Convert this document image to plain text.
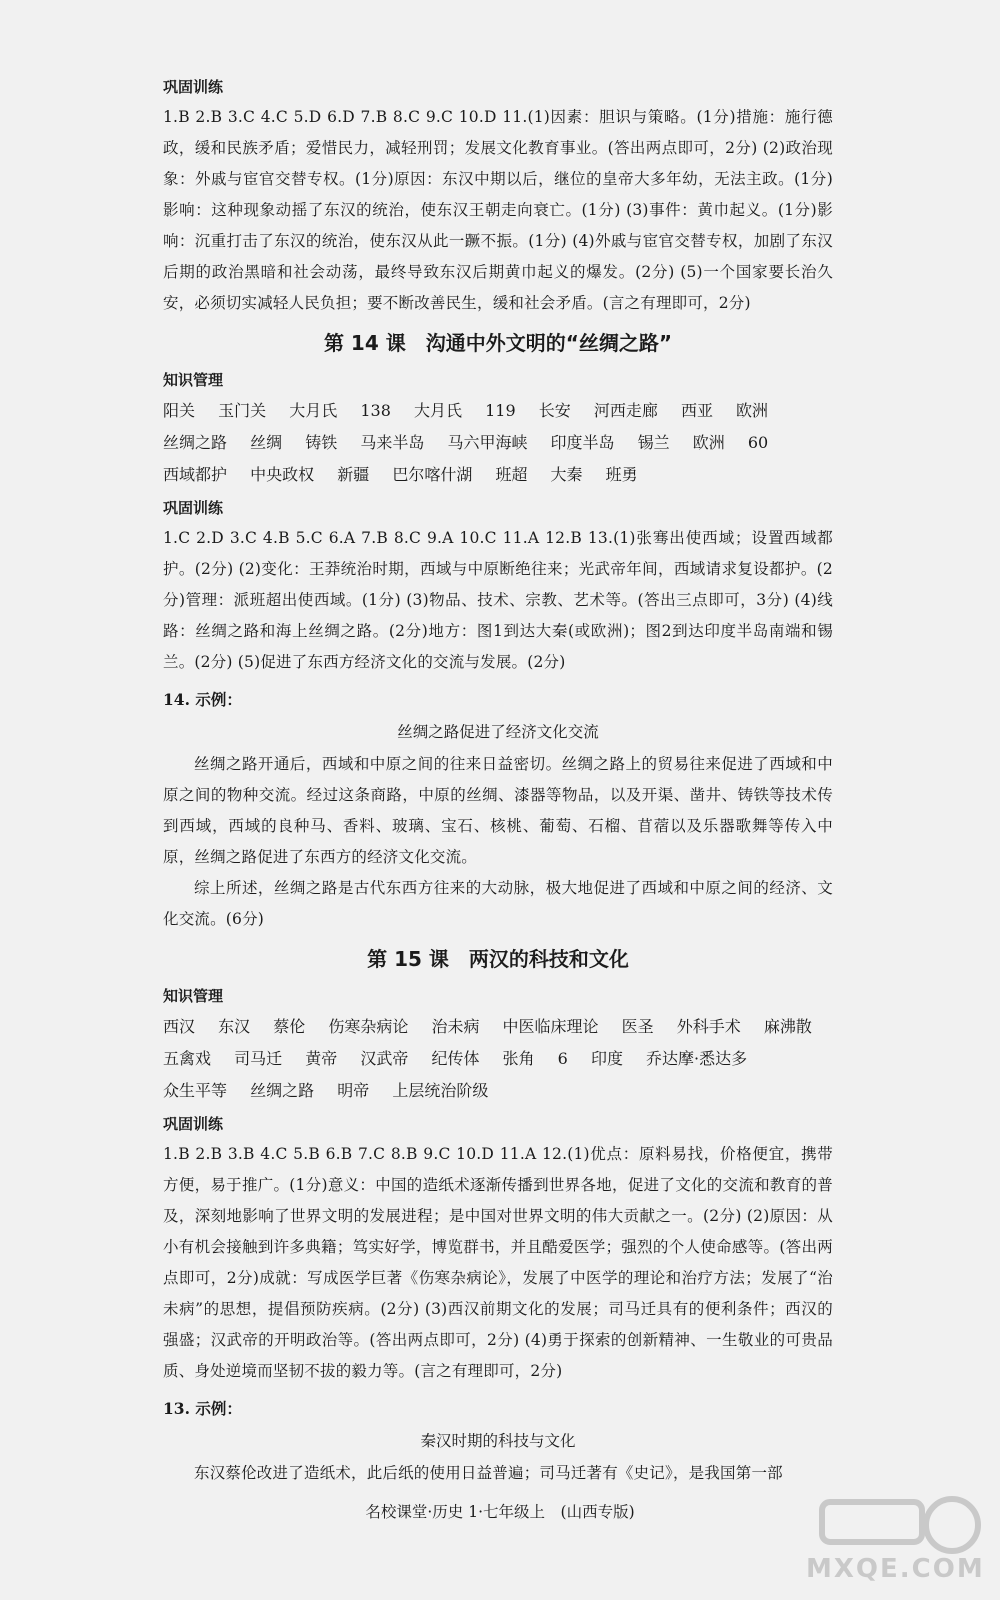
巩固训练

1.B 2.B 3.C 4.C 5.D 6.D 7.B 8.C 9.C 10.D 11.(1)因素：胆识与策略。(1分)措施：施行德政，缓和民族矛盾；爱惜民力，减轻刑罚；发展文化教育事业。(答出两点即可，2分) (2)政治现象：外戚与宦官交替专权。(1分)原因：东汉中期以后，继位的皇帝大多年幼，无法主政。(1分)影响：这种现象动摇了东汉的统治，使东汉王朝走向衰亡。(1分) (3)事件：黄巾起义。(1分)影响：沉重打击了东汉的统治，使东汉从此一蹶不振。(1分) (4)外戚与宦官交替专权，加剧了东汉后期的政治黑暗和社会动荡，最终导致东汉后期黄巾起义的爆发。(2分) (5)一个国家要长治久安，必须切实减轻人民负担；要不断改善民生，缓和社会矛盾。(言之有理即可，2分)

第 14 课　沟通中外文明的“丝绸之路”
知识管理

阳关 玉门关 大月氏 138 大月氏 119 长安 河西走廊 西亚 欧洲 丝绸之路 丝绸 铸铁 马来半岛 马六甲海峡 印度半岛 锡兰 欧洲 60 西域都护 中央政权 新疆 巴尔喀什湖 班超 大秦 班勇

巩固训练

1.C 2.D 3.C 4.B 5.C 6.A 7.B 8.C 9.A 10.C 11.A 12.B 13.(1)张骞出使西域；设置西域都护。(2分) (2)变化：王莽统治时期，西域与中原断绝往来；光武帝年间，西域请求复设都护。(2分)管理：派班超出使西域。(1分) (3)物品、技术、宗教、艺术等。(答出三点即可，3分) (4)线路：丝绸之路和海上丝绸之路。(2分)地方：图1到达大秦(或欧洲)；图2到达印度半岛南端和锡兰。(2分) (5)促进了东西方经济文化的交流与发展。(2分)

14. 示例：
丝绸之路促进了经济文化交流

丝绸之路开通后，西域和中原之间的往来日益密切。丝绸之路上的贸易往来促进了西域和中原之间的物种交流。经过这条商路，中原的丝绸、漆器等物品，以及开渠、凿井、铸铁等技术传到西域，西域的良种马、香料、玻璃、宝石、核桃、葡萄、石榴、苜蓿以及乐器歌舞等传入中原，丝绸之路促进了东西方的经济文化交流。

综上所述，丝绸之路是古代东西方往来的大动脉，极大地促进了西域和中原之间的经济、文化交流。(6分)

第 15 课　两汉的科技和文化
知识管理

西汉 东汉 蔡伦 伤寒杂病论 治未病 中医临床理论 医圣 外科手术 麻沸散 五禽戏 司马迁 黄帝 汉武帝 纪传体 张角 6 印度 乔达摩·悉达多 众生平等 丝绸之路 明帝 上层统治阶级

巩固训练

1.B 2.B 3.B 4.C 5.B 6.B 7.C 8.B 9.C 10.D 11.A 12.(1)优点：原料易找，价格便宜，携带方便，易于推广。(1分)意义：中国的造纸术逐渐传播到世界各地，促进了文化的交流和教育的普及，深刻地影响了世界文明的发展进程；是中国对世界文明的伟大贡献之一。(2分) (2)原因：从小有机会接触到许多典籍；笃实好学，博览群书，并且酷爱医学；强烈的个人使命感等。(答出两点即可，2分)成就：写成医学巨著《伤寒杂病论》，发展了中医学的理论和治疗方法；发展了“治未病”的思想，提倡预防疾病。(2分) (3)西汉前期文化的发展；司马迁具有的便利条件；西汉的强盛；汉武帝的开明政治等。(答出两点即可，2分) (4)勇于探索的创新精神、一生敬业的可贵品质、身处逆境而坚韧不拔的毅力等。(言之有理即可，2分)

13. 示例：
秦汉时期的科技与文化

东汉蔡伦改进了造纸术，此后纸的使用日益普遍；司马迁著有《史记》，是我国第一部

名校课堂·历史 1·七年级上　(山西专版)
MXQE.COM
